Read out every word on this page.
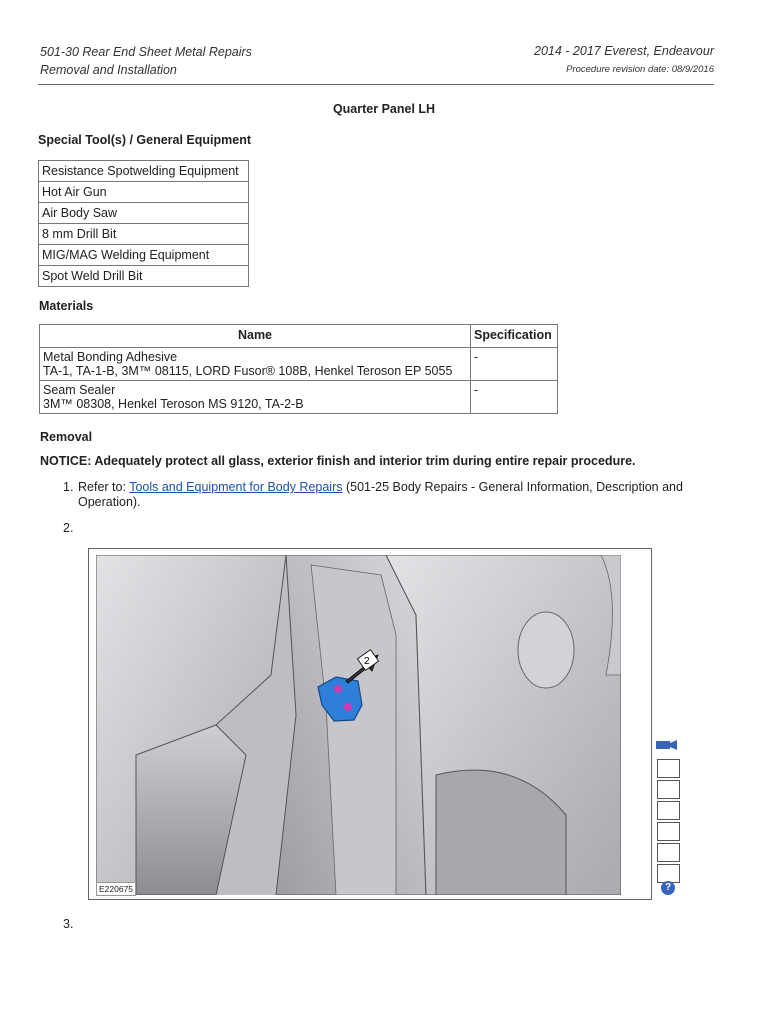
501-30 Rear End Sheet Metal Repairs
Removal and Installation
2014 - 2017 Everest, Endeavour
Procedure revision date: 08/9/2016
Quarter Panel LH
Special Tool(s) / General Equipment
Resistance Spotwelding Equipment
Hot Air Gun
Air Body Saw
8 mm Drill Bit
MIG/MAG Welding Equipment
Spot Weld Drill Bit
Materials
Name	Specification

Metal Bonding Adhesive
TA-1, TA-1-B, 3M™ 08115, LORD Fusor® 108B, Henkel Teroson EP 5055	-

Seam Sealer
3M™ 08308, Henkel Teroson MS 9120, TA-2-B	-
Removal
NOTICE: Adequately protect all glass, exterior finish and interior trim during entire repair procedure.
1. Refer to: Tools and Equipment for Body Repairs (501-25 Body Repairs - General Information, Description and Operation).
2.
2
E220675	?
3.
